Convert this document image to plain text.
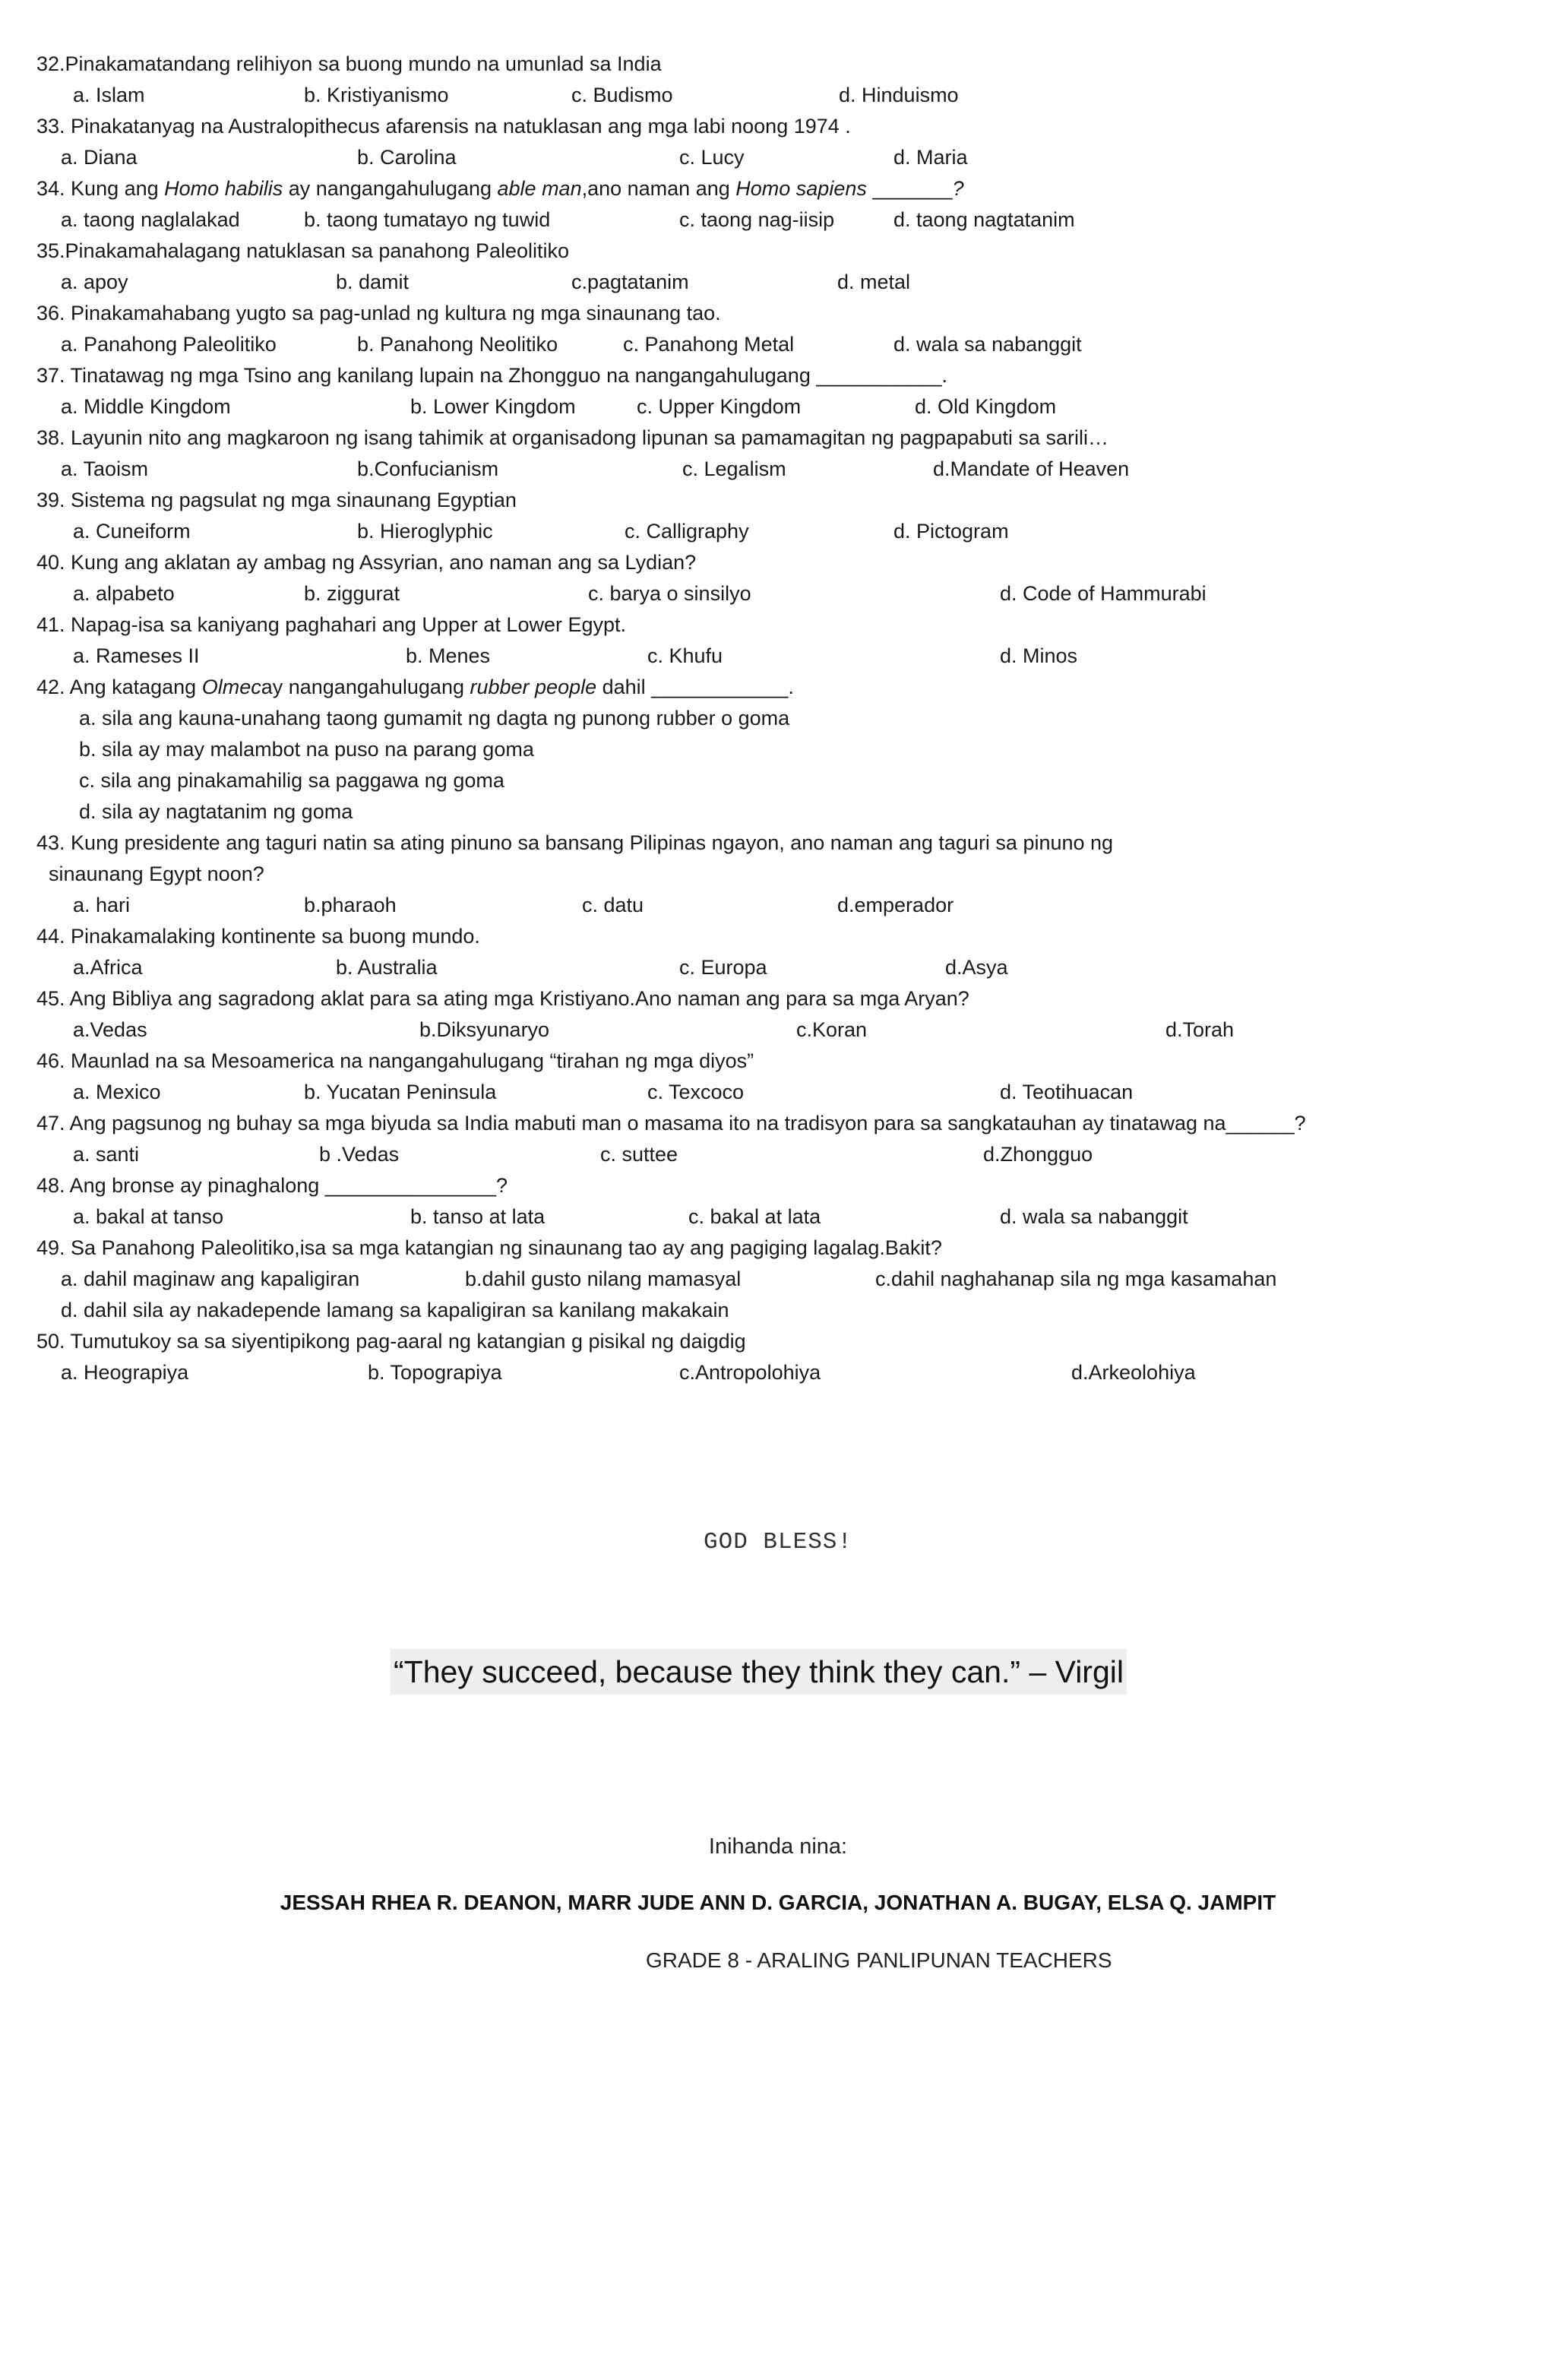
32.Pinakamatandang relihiyon sa buong mundo na umunlad sa India
a. Islam	b. Kristiyanismo	c. Budismo	d. Hinduismo
33. Pinakatanyag na Australopithecus afarensis na natuklasan ang mga labi noong 1974 .
a. Diana	b. Carolina	c. Lucy	d. Maria
34. Kung ang Homo habilis ay nangangahulugang able man,ano naman ang Homo sapiens _______?
a. taong naglalakad	b. taong tumatayo ng tuwid	c. taong nag-iisip	d. taong nagtatanim
35.Pinakamahalagang natuklasan sa panahong Paleolitiko
a. apoy	b. damit	c.pagtatanim	d. metal
36. Pinakamahabang yugto sa pag-unlad ng kultura ng mga sinaunang tao.
a. Panahong Paleolitiko	b. Panahong Neolitiko	c. Panahong Metal	d. wala sa nabanggit
37. Tinatawag ng mga Tsino ang kanilang lupain na Zhongguo na nangangahulugang ___________.
a. Middle Kingdom	b. Lower Kingdom	c. Upper Kingdom	d. Old Kingdom
38. Layunin nito ang magkaroon ng isang tahimik at organisadong lipunan sa pamamagitan ng pagpapabuti sa sarili…
a. Taoism	b.Confucianism	c. Legalism	d.Mandate of Heaven
39. Sistema ng pagsulat ng mga sinaunang Egyptian
a. Cuneiform	b. Hieroglyphic	c. Calligraphy	d. Pictogram
40. Kung ang aklatan ay ambag ng Assyrian, ano naman ang sa Lydian?
a. alpabeto	b. ziggurat	c. barya o sinsilyo	d. Code of Hammurabi
41. Napag-isa sa kaniyang paghahari ang Upper at Lower Egypt.
a. Rameses II	b. Menes	c. Khufu	d. Minos
42. Ang katagang Olmecay nangangahulugang rubber people dahil ____________.
a. sila ang kauna-unahang taong gumamit ng dagta ng punong rubber o goma
b. sila ay may malambot na puso na parang goma
c. sila ang pinakamahilig sa paggawa ng goma
d. sila ay nagtatanim ng goma
43. Kung presidente ang taguri natin sa ating pinuno sa bansang Pilipinas ngayon, ano naman ang taguri sa pinuno ng
sinaunang Egypt noon?
a. hari	b.pharaoh	c. datu	d.emperador
44. Pinakamalaking kontinente sa buong mundo.
a.Africa	b. Australia	c. Europa	d.Asya
45. Ang Bibliya ang sagradong aklat para sa ating mga Kristiyano.Ano naman ang para sa mga Aryan?
a.Vedas	b.Diksyunaryo	c.Koran	d.Torah
46. Maunlad na sa Mesoamerica na nangangahulugang “tirahan ng mga diyos”
a. Mexico	b. Yucatan Peninsula	c. Texcoco	d. Teotihuacan
47. Ang pagsunog ng buhay sa mga biyuda sa India mabuti man o masama ito na tradisyon para sa sangkatauhan ay tinatawag na______?
a. santi	b .Vedas	c. suttee	d.Zhongguo
48. Ang bronse ay pinaghalong _______________?
a. bakal at tanso	b. tanso at lata	c. bakal at lata	d. wala sa nabanggit
49. Sa Panahong Paleolitiko,isa sa mga katangian ng sinaunang tao ay ang pagiging lagalag.Bakit?
a. dahil maginaw ang kapaligiran	b.dahil gusto nilang mamasyal	c.dahil naghahanap sila ng mga kasamahan
d. dahil sila ay nakadepende lamang sa kapaligiran sa kanilang makakain
50. Tumutukoy sa sa siyentipikong pag-aaral ng katangian g pisikal ng daigdig
a. Heograpiya	b. Topograpiya	c.Antropolohiya	d.Arkeolohiya
GOD BLESS!
“They succeed, because they think they can.” – Virgil
Inihanda nina:
JESSAH RHEA R. DEANON, MARR JUDE ANN D. GARCIA, JONATHAN A. BUGAY, ELSA Q. JAMPIT
GRADE 8 - ARALING PANLIPUNAN TEACHERS
